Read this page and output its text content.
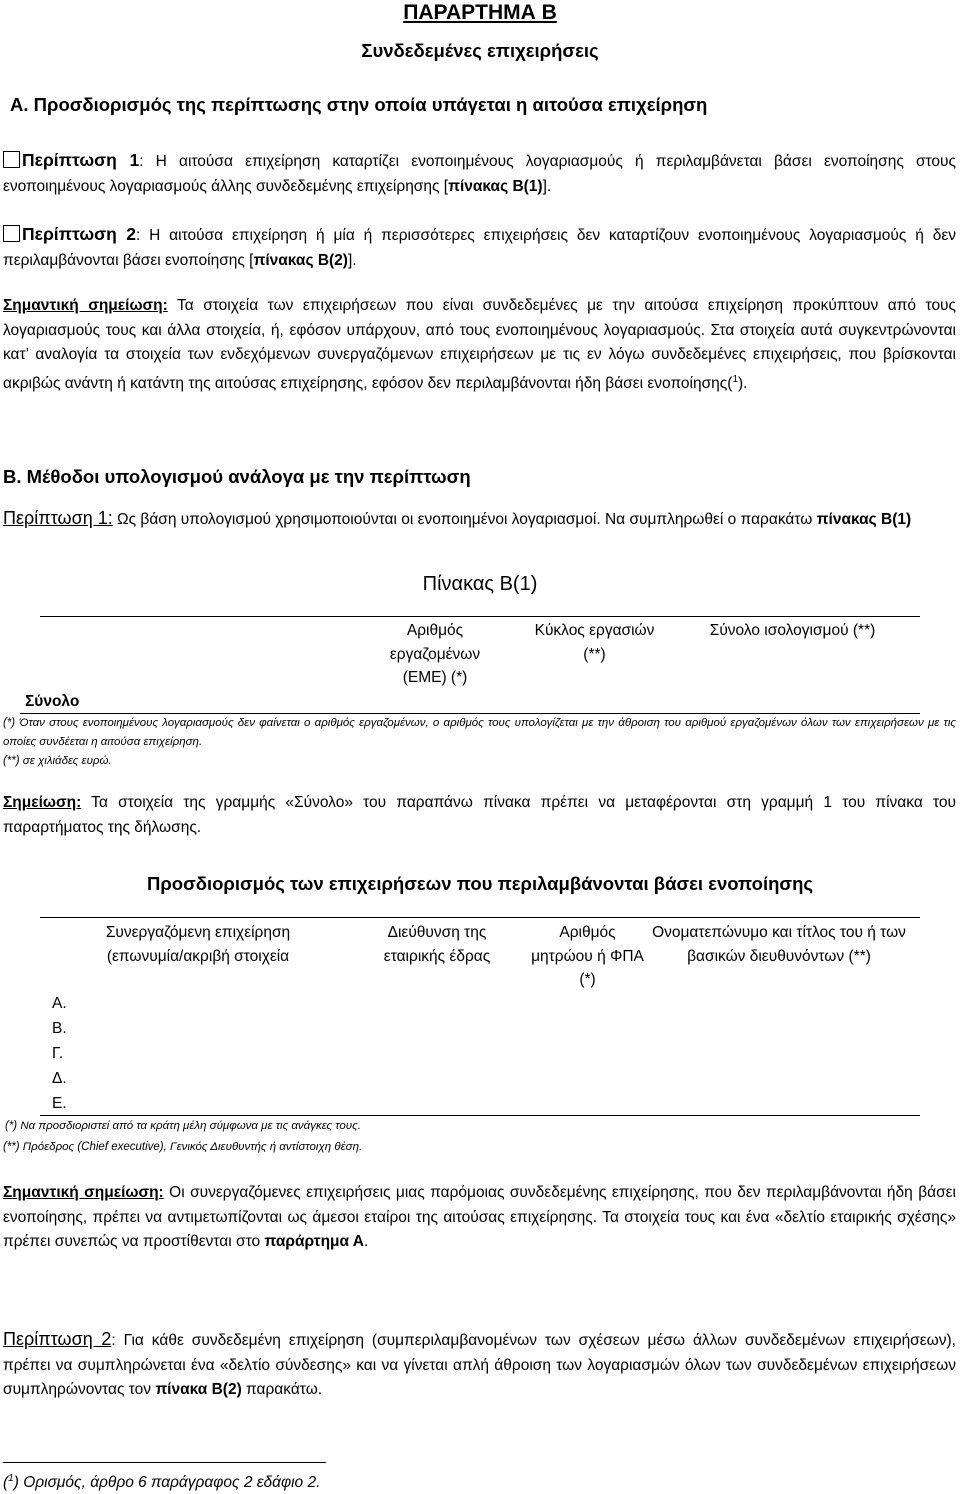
ΠΑΡΑΡΤΗΜΑ Β
Συνδεδεμένες επιχειρήσεις
Α. Προσδιορισμός της περίπτωσης στην οποία υπάγεται η αιτούσα επιχείρηση
Περίπτωση 1: Η αιτούσα επιχείρηση καταρτίζει ενοποιημένους λογαριασμούς ή περιλαμβάνεται βάσει ενοποίησης στους ενοποιημένους λογαριασμούς άλλης συνδεδεμένης επιχείρησης [πίνακας Β(1)].
Περίπτωση 2: Η αιτούσα επιχείρηση ή μία ή περισσότερες επιχειρήσεις δεν καταρτίζουν ενοποιημένους λογαριασμούς ή δεν περιλαμβάνονται βάσει ενοποίησης [πίνακας Β(2)].
Σημαντική σημείωση: Τα στοιχεία των επιχειρήσεων που είναι συνδεδεμένες με την αιτούσα επιχείρηση προκύπτουν από τους λογαριασμούς τους και άλλα στοιχεία, ή, εφόσον υπάρχουν, από τους ενοποιημένους λογαριασμούς. Στα στοιχεία αυτά συγκεντρώνονται κατ’ αναλογία τα στοιχεία των ενδεχόμενων συνεργαζόμενων επιχειρήσεων με τις εν λόγω συνδεδεμένες επιχειρήσεις, που βρίσκονται ακριβώς ανάντη ή κατάντη της αιτούσας επιχείρησης, εφόσον δεν περιλαμβάνονται ήδη βάσει ενοποίησης($^1$).
Β. Μέθοδοι υπολογισμού ανάλογα με την περίπτωση
Περίπτωση 1: Ως βάση υπολογισμού χρησιμοποιούνται οι ενοποιημένοι λογαριασμοί. Να συμπληρωθεί ο παρακάτω πίνακας Β(1)
Πίνακας Β(1)
Αριθμός εργαζομένων (ΕΜΕ) (*)
Κύκλος εργασιών (**)
Σύνολο ισολογισμού (**)
Σύνολο
(*) Όταν στους ενοποιημένους λογαριασμούς δεν φαίνεται ο αριθμός εργαζομένων, ο αριθμός τους υπολογίζεται με την άθροιση του αριθμού εργαζομένων όλων των επιχειρήσεων με τις οποίες συνδέεται η αιτούσα επιχείρηση.
(**) σε χιλιάδες ευρώ.
Σημείωση: Τα στοιχεία της γραμμής «Σύνολο» του παραπάνω πίνακα πρέπει να μεταφέρονται στη γραμμή 1 του πίνακα του παραρτήματος της δήλωσης.
Προσδιορισμός των επιχειρήσεων που περιλαμβάνονται βάσει ενοποίησης
Συνεργαζόμενη επιχείρηση (επωνυμία/ακριβή στοιχεία
Διεύθυνση της εταιρικής έδρας
Αριθμός μητρώου ή ΦΠΑ (*)
Ονοματεπώνυμο και τίτλος του ή των βασικών διευθυνόντων (**)
Α.
Β.
Γ.
Δ.
Ε.
(*) Να προσδιοριστεί από τα κράτη μέλη σύμφωνα με τις ανάγκες τους.
(**) Πρόεδρος (Chief executive), Γενικός Διευθυντής ή αντίστοιχη θέση.
Σημαντική σημείωση: Οι συνεργαζόμενες επιχειρήσεις μιας παρόμοιας συνδεδεμένης επιχείρησης, που δεν περιλαμβάνονται ήδη βάσει ενοποίησης, πρέπει να αντιμετωπίζονται ως άμεσοι εταίροι της αιτούσας επιχείρησης. Τα στοιχεία τους και ένα «δελτίο εταιρικής σχέσης» πρέπει συνεπώς να προστίθενται στο παράρτημα Α.
Περίπτωση 2: Για κάθε συνδεδεμένη επιχείρηση (συμπεριλαμβανομένων των σχέσεων μέσω άλλων συνδεδεμένων επιχειρήσεων), πρέπει να συμπληρώνεται ένα «δελτίο σύνδεσης» και να γίνεται απλή άθροιση των λογαριασμών όλων των συνδεδεμένων επιχειρήσεων συμπληρώνοντας τον πίνακα Β(2) παρακάτω.
($^1$) Ορισμός, άρθρο 6 παράγραφος 2 εδάφιο 2.
